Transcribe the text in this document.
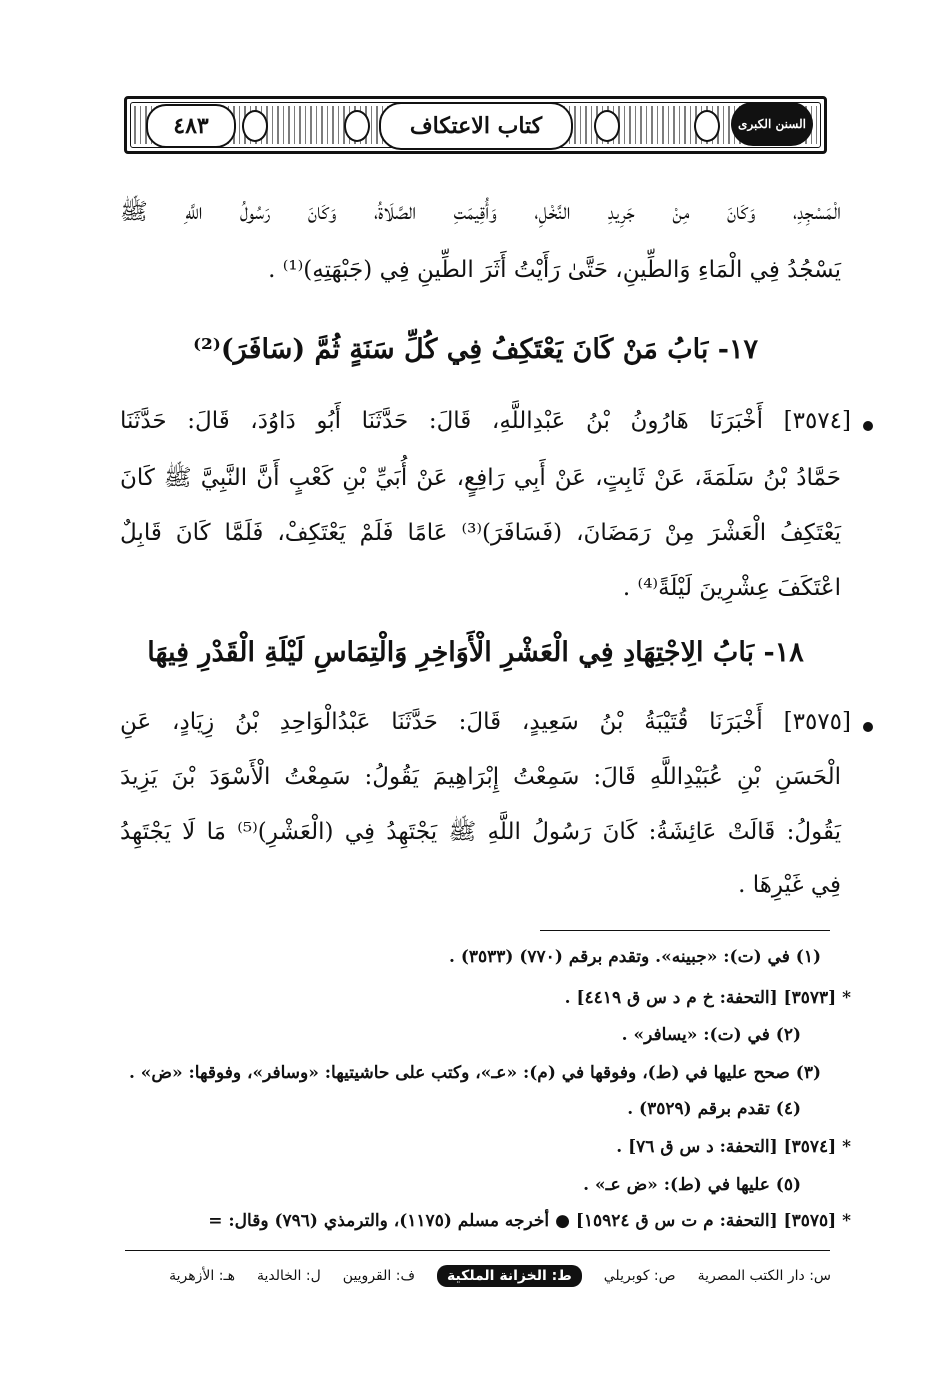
٤٨٣	كتاب الاعتكاف	السنن الكبرى
الْمَسْجِدِ، وَكَانَ مِنْ جَرِيدِ النَّخْلِ، وَأُقِيمَتِ الصَّلَاةُ، وَكَانَ رَسُولُ اللَّهِ ﷺ
يَسْجُدُ فِي الْمَاءِ وَالطِّينِ، حَتَّىٰ رَأَيْتُ أَثَرَ الطِّينِ فِي (جَبْهَتِهِ)⁽¹⁾ .
١٧- بَابُ مَنْ كَانَ يَعْتَكِفُ فِي كُلِّ سَنَةٍ ثُمَّ (سَافَرَ)⁽²⁾
[٣٥٧٤] أَخْبَرَنَا هَارُونُ بْنُ عَبْدِاللَّهِ، قَالَ: حَدَّثَنَا أَبُو دَاوُدَ، قَالَ: حَدَّثَنَا
حَمَّادُ بْنُ سَلَمَةَ، عَنْ ثَابِتٍ، عَنْ أَبِي رَافِعٍ، عَنْ أُبَيِّ بْنِ كَعْبٍ أَنَّ النَّبِيَّ ﷺ كَانَ
يَعْتَكِفُ الْعَشْرَ مِنْ رَمَضَانَ، (فَسَافَرَ)⁽³⁾ عَامًا فَلَمْ يَعْتَكِفْ، فَلَمَّا كَانَ قَابِلٌ
اعْتَكَفَ عِشْرِينَ لَيْلَةً⁽⁴⁾ .
١٨- بَابُ الِاجْتِهَادِ فِي الْعَشْرِ الْأَوَاخِرِ وَالْتِمَاسِ لَيْلَةِ الْقَدْرِ فِيهَا
[٣٥٧٥] أَخْبَرَنَا قُتَيْبَةُ بْنُ سَعِيدٍ، قَالَ: حَدَّثَنَا عَبْدُالْوَاحِدِ بْنُ زِيَادٍ، عَنِ
الْحَسَنِ بْنِ عُبَيْدِاللَّهِ قَالَ: سَمِعْتُ إِبْرَاهِيمَ يَقُولُ: سَمِعْتُ الْأَسْوَدَ بْنَ يَزِيدَ
يَقُولُ: قَالَتْ عَائِشَةُ: كَانَ رَسُولُ اللَّهِ ﷺ يَجْتَهِدُ فِي (الْعَشْرِ)⁽⁵⁾ مَا لَا يَجْتَهِدُ
فِي غَيْرِهَا .
(١) في (ت): «جبينه». وتقدم برقم (٧٧٠) (٣٥٣٣) .
* [٣٥٧٣] [التحفة: خ م د س ق ٤٤١٩] .
(٢) في (ت): «يسافر» .
(٣) صحح عليها في (ط)، وفوقها في (م): «عـ»، وكتب على حاشيتيها: «وسافر»، وفوقها: «ض» .
(٤) تقدم برقم (٣٥٢٩) .
* [٣٥٧٤] [التحفة: د س ق ٧٦] .
(٥) عليها في (ط): «ض عـ» .
* [٣٥٧٥] [التحفة: م ت س ق ١٥٩٢٤] ● أخرجه مسلم (١١٧٥)، والترمذي (٧٩٦) وقال: =
س: دار الكتب المصرية
ص: كوبريلي
ط: الخزانة الملكية
ف: القرويين
ل: الخالدية
هـ: الأزهرية
